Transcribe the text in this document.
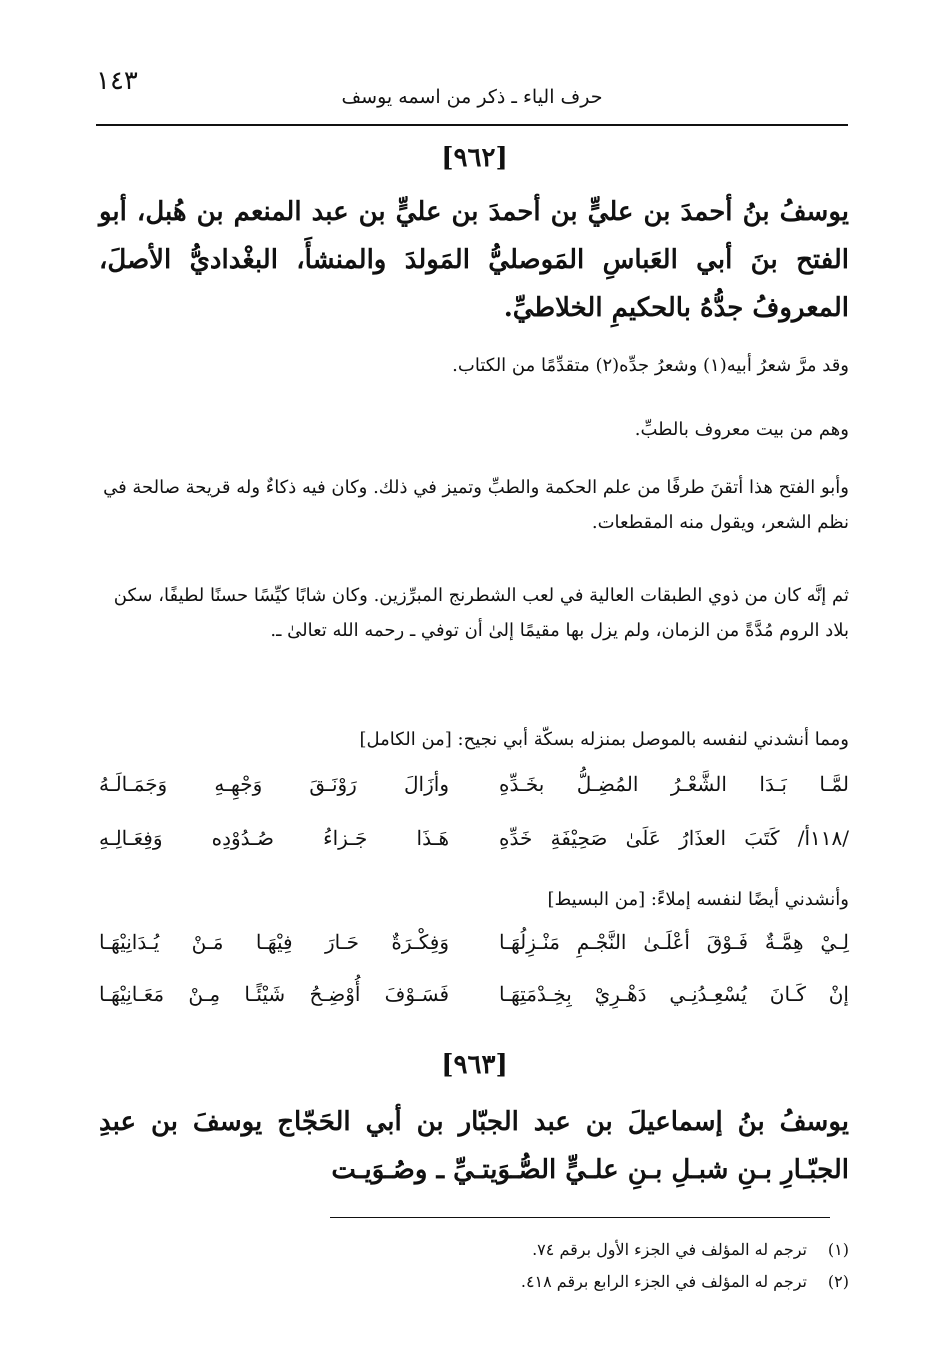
١٤٣
حرف الياء ـ ذكر من اسمه يوسف
[٩٦٢]
يوسفُ بنُ أحمدَ بن عليٍّ بن أحمدَ بن عليٍّ بن عبد المنعم بن هُبل، أبو الفتح بنَ أبي العَباسِ المَوصليُّ المَولدَ والمنشأَ، البغْداديُّ الأصلَ، المعروفُ جدُّهُ بالحكيمِ الخلاطيِّ.
وقد مرَّ شعرُ أبيه(١) وشعرُ جدِّه(٢) متقدِّمًا من الكتاب.
وهم من بيت معروف بالطبِّ.
وأبو الفتح هذا أتقنَ طرفًا من علم الحكمة والطبِّ وتميز في ذلك. وكان فيه ذكاءٌ وله قريحة صالحة في نظم الشعر، ويقول منه المقطعات.
ثم إنَّه كان من ذوي الطبقات العالية في لعب الشطرنج المبرِّزين. وكان شابًا كيِّسًا حسنًا لطيفًا، سكن بلاد الروم مُدَّةً من الزمان، ولم يزل بها مقيمًا إلىٰ أن توفي ـ رحمه الله تعالىٰ ـ.
ومما أنشدني لنفسه بالموصل بمنزله بسكّة أبي نجيح: [من الكامل]
لمَّـا بَـدَا الشَّعْـرُ المُضِـلُّ بخَـدِّهِ
وأزَالَ رَوْنَـقَ وَجْهِـهِ وَجَمَـالَـهُ
/١١٨أ/ كَتَبَ العذَارُ عَلَىٰ صَحِيْفَةِ خَدِّهِ
هَـذَا جَـزاءُ صُـدُوْدِه وَفِعَـالِـهِ
وأنشدني أيضًا لنفسه إملاءً: [من البسيط]
لِـيْ هِمَّـةٌ فَـوْقَ أعْلَـىٰ النَّجْـمِ مَنْـزِلُهَـا
وَفِكْـرَةٌ حَـارَ فِيْهَـا مَـنْ يُـدَانِيْهَـا
إنْ كَـانَ يُسْعِـدُنِـي دَهْـرِيْ بِخِـدْمَتِهَـا
فَسَـوْفَ أُوْضِـحُ شَيْئًـا مِـنْ مَعَـانِيْهَـا
[٩٦٣]
يوسفُ بنُ إسماعيلَ بن عبد الجبّار بن أبي الحَجّاج يوسفَ بن عبدِ الجبّـارِ بـنِ شبـلِ بـنِ علـيٍّ الصُّـوَيتـيِّ ـ وصُـوَيـت
(١)ترجم له المؤلف في الجزء الأول برقم ٧٤.
(٢)ترجم له المؤلف في الجزء الرابع برقم ٤١٨.
